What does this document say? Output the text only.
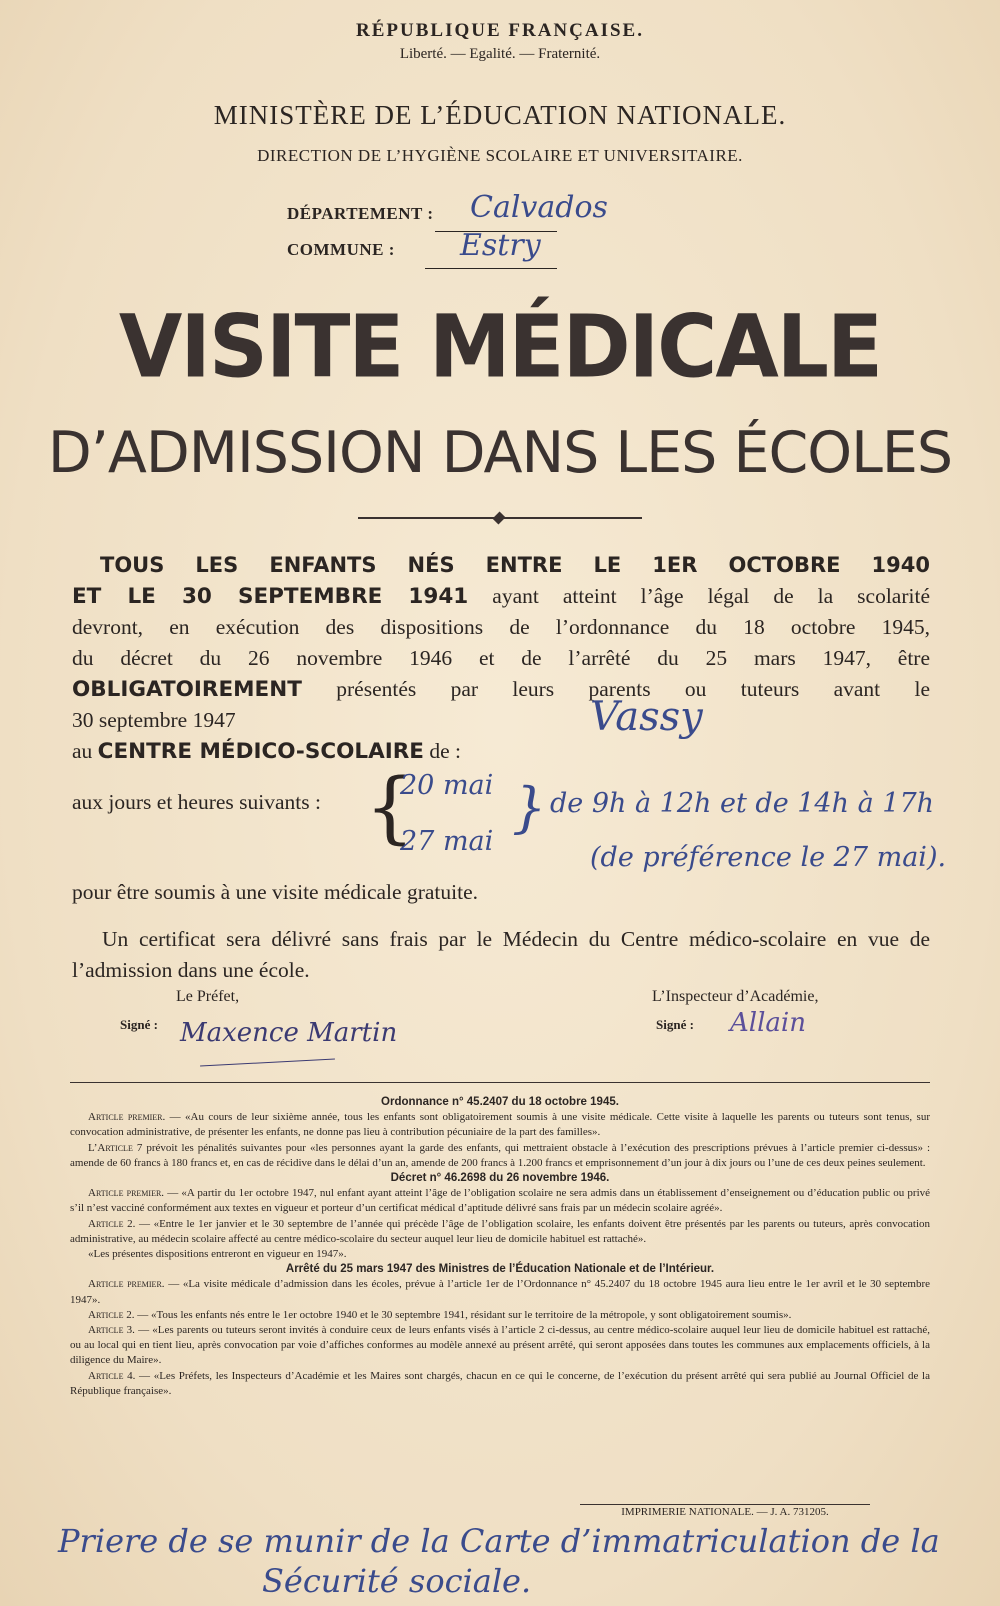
RÉPUBLIQUE FRANÇAISE.
Liberté. — Egalité. — Fraternité.
MINISTÈRE DE L’ÉDUCATION NATIONALE.
DIRECTION DE L’HYGIÈNE SCOLAIRE ET UNIVERSITAIRE.
DÉPARTEMENT : Calvados
COMMUNE : Estry
VISITE MÉDICALE
D’ADMISSION DANS LES ÉCOLES
TOUS LES ENFANTS NÉS ENTRE LE 1ER OCTOBRE 1940
ET LE 30 SEPTEMBRE 1941 ayant atteint l’âge légal de la scolarité
devront, en exécution des dispositions de l’ordonnance du 18 octobre 1945,
du décret du 26 novembre 1946 et de l’arrêté du 25 mars 1947, être
OBLIGATOIREMENT présentés par leurs parents ou tuteurs avant le
30 septembre 1947
au CENTRE MÉDICO-SCOLAIRE de :
Vassy
aux jours et heures suivants : {
20 mai
27 mai
} de 9h à 12h et de 14h à 17h
(de préférence le 27 mai).
pour être soumis à une visite médicale gratuite.
Un certificat sera délivré sans frais par le Médecin du Centre médico-scolaire en vue de l’admission dans une école.
Le Préfet,
Signé : Maxence Martin
L’Inspecteur d’Académie,
Signé : Allain
Ordonnance n° 45.2407 du 18 octobre 1945.
Article premier. — «Au cours de leur sixième année, tous les enfants sont obligatoirement soumis à une visite médicale. Cette visite à laquelle les parents ou tuteurs sont tenus, sur convocation administrative, de présenter les enfants, ne donne pas lieu à contribution pécuniaire de la part des familles».
L’Article 7 prévoit les pénalités suivantes pour «les personnes ayant la garde des enfants, qui mettraient obstacle à l’exécution des prescriptions prévues à l’article premier ci-dessus» : amende de 60 francs à 180 francs et, en cas de récidive dans le délai d’un an, amende de 200 francs à 1.200 francs et emprisonnement d’un jour à dix jours ou l’une de ces deux peines seulement.
Décret n° 46.2698 du 26 novembre 1946.
Article premier. — «A partir du 1er octobre 1947, nul enfant ayant atteint l’âge de l’obligation scolaire ne sera admis dans un établissement d’enseignement ou d’éducation public ou privé s’il n’est vacciné conformément aux textes en vigueur et porteur d’un certificat médical d’aptitude délivré sans frais par un médecin scolaire agréé».
Article 2. — «Entre le 1er janvier et le 30 septembre de l’année qui précède l’âge de l’obligation scolaire, les enfants doivent être présentés par les parents ou tuteurs, après convocation administrative, au médecin scolaire affecté au centre médico-scolaire du secteur auquel leur lieu de domicile habituel est rattaché».
«Les présentes dispositions entreront en vigueur en 1947».
Arrêté du 25 mars 1947 des Ministres de l’Éducation Nationale et de l’Intérieur.
Article premier. — «La visite médicale d’admission dans les écoles, prévue à l’article 1er de l’Ordonnance n° 45.2407 du 18 octobre 1945 aura lieu entre le 1er avril et le 30 septembre 1947».
Article 2. — «Tous les enfants nés entre le 1er octobre 1940 et le 30 septembre 1941, résidant sur le territoire de la métropole, y sont obligatoirement soumis».
Article 3. — «Les parents ou tuteurs seront invités à conduire ceux de leurs enfants visés à l’article 2 ci-dessus, au centre médico-scolaire auquel leur lieu de domicile habituel est rattaché, ou au local qui en tient lieu, après convocation par voie d’affiches conformes au modèle annexé au présent arrêté, qui seront apposées dans toutes les communes aux emplacements officiels, à la diligence du Maire».
Article 4. — «Les Préfets, les Inspecteurs d’Académie et les Maires sont chargés, chacun en ce qui le concerne, de l’exécution du présent arrêté qui sera publié au Journal Officiel de la République française».
IMPRIMERIE NATIONALE. — J. A. 731205.
Priere de se munir de la Carte d’immatriculation de la
Sécurité sociale.
